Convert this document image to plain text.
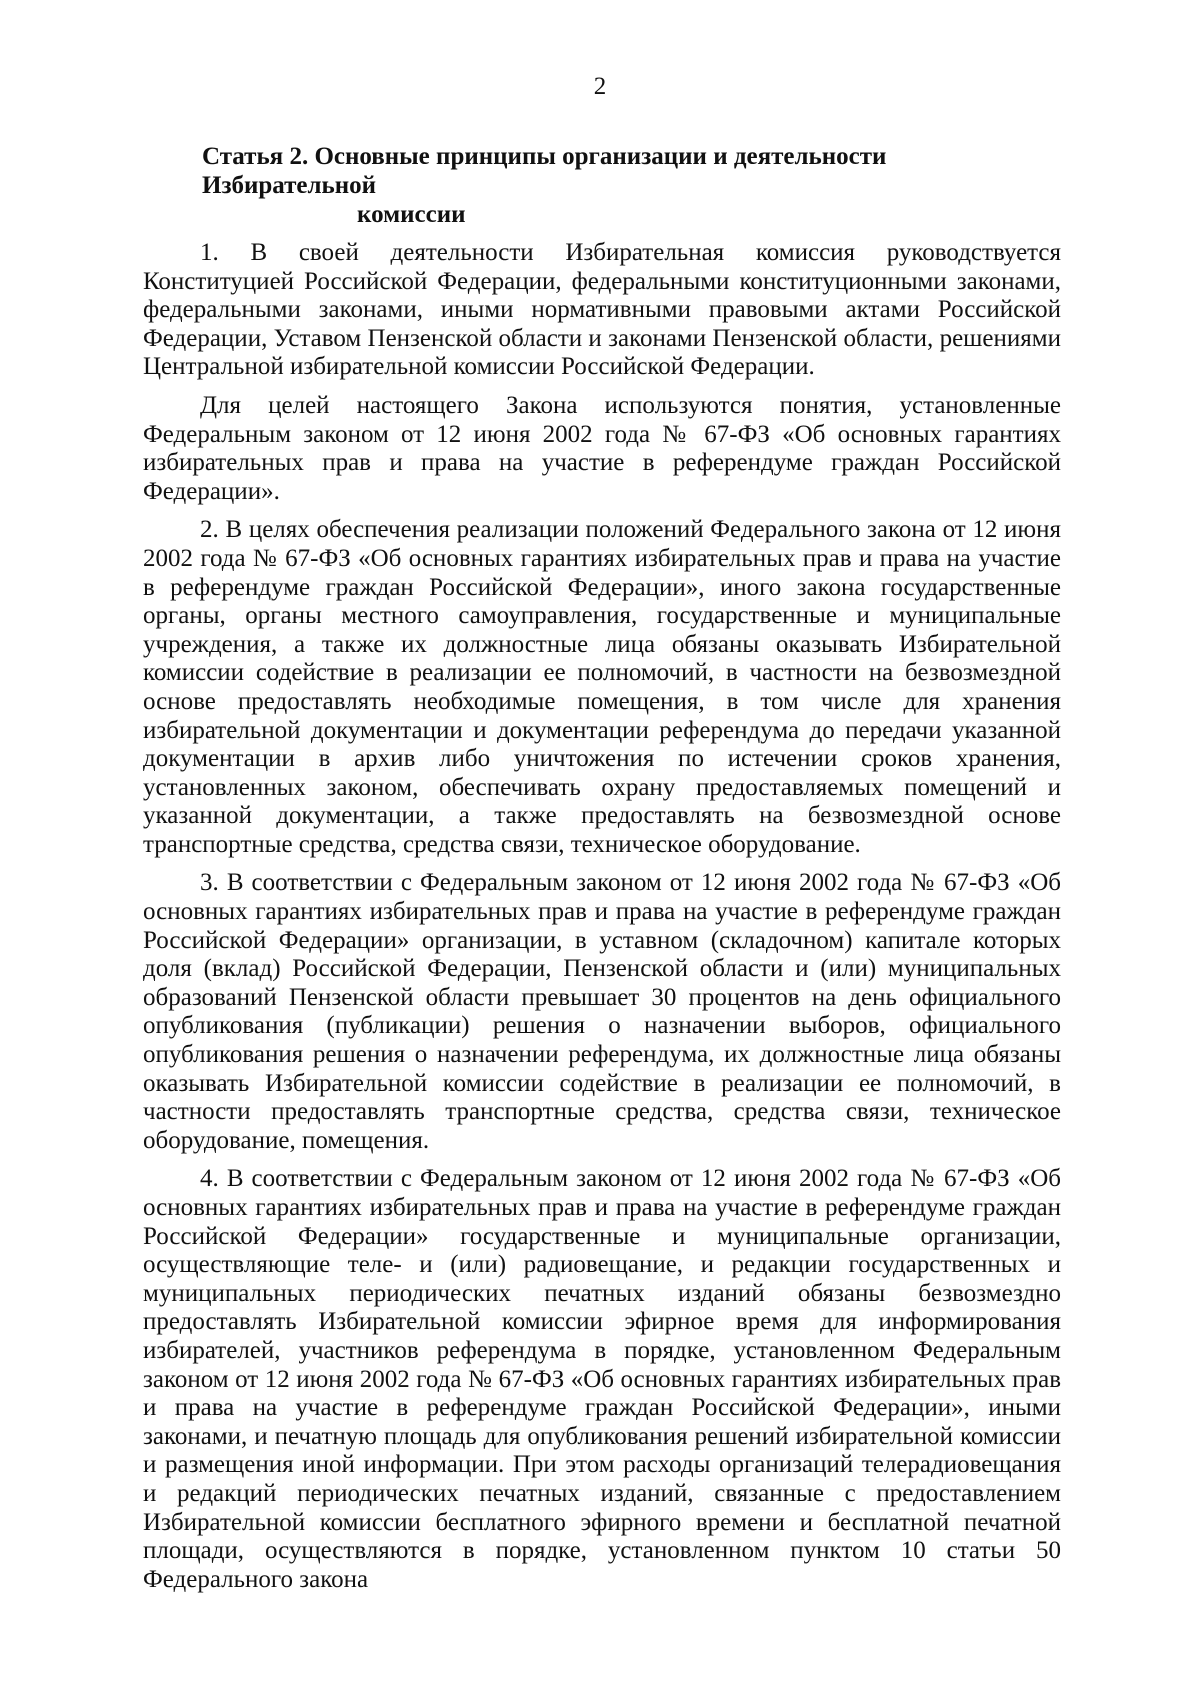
2
Статья 2. Основные принципы организации и деятельности Избирательной
комиссии

1. В своей деятельности Избирательная комиссия руководствуется Конституцией Российской Федерации, федеральными конституционными законами, федеральными законами, иными нормативными правовыми актами Российской Федерации, Уставом Пензенской области и законами Пензенской области, решениями Центральной избирательной комиссии Российской Федерации.

Для целей настоящего Закона используются понятия, установленные Федеральным законом от 12 июня 2002 года № 67-ФЗ «Об основных гарантиях избирательных прав и права на участие в референдуме граждан Российской Федерации».

2. В целях обеспечения реализации положений Федерального закона от 12 июня 2002 года № 67-ФЗ «Об основных гарантиях избирательных прав и права на участие в референдуме граждан Российской Федерации», иного закона государственные органы, органы местного самоуправления, государственные и муниципальные учреждения, а также их должностные лица обязаны оказывать Избирательной комиссии содействие в реализации ее полномочий, в частности на безвозмездной основе предоставлять необходимые помещения, в том числе для хранения избирательной документации и документации референдума до передачи указанной документации в архив либо уничтожения по истечении сроков хранения, установленных законом, обеспечивать охрану предоставляемых помещений и указанной документации, а также предоставлять на безвозмездной основе транспортные средства, средства связи, техническое оборудование.

3. В соответствии с Федеральным законом от 12 июня 2002 года № 67-ФЗ «Об основных гарантиях избирательных прав и права на участие в референдуме граждан Российской Федерации» организации, в уставном (складочном) капитале которых доля (вклад) Российской Федерации, Пензенской области и (или) муниципальных образований Пензенской области превышает 30 процентов на день официального опубликования (публикации) решения о назначении выборов, официального опубликования решения о назначении референдума, их должностные лица обязаны оказывать Избирательной комиссии содействие в реализации ее полномочий, в частности предоставлять транспортные средства, средства связи, техническое оборудование, помещения.

4. В соответствии с Федеральным законом от 12 июня 2002 года № 67-ФЗ «Об основных гарантиях избирательных прав и права на участие в референдуме граждан Российской Федерации» государственные и муниципальные организации, осуществляющие теле- и (или) радиовещание, и редакции государственных и муниципальных периодических печатных изданий обязаны безвозмездно предоставлять Избирательной комиссии эфирное время для информирования избирателей, участников референдума в порядке, установленном Федеральным законом от 12 июня 2002 года № 67-ФЗ «Об основных гарантиях избирательных прав и права на участие в референдуме граждан Российской Федерации», иными законами, и печатную площадь для опубликования решений избирательной комиссии и размещения иной информации. При этом расходы организаций телерадиовещания и редакций периодических печатных изданий, связанные с предоставлением Избирательной комиссии бесплатного эфирного времени и бесплатной печатной площади, осуществляются в порядке, установленном пунктом 10 статьи 50 Федерального закона
